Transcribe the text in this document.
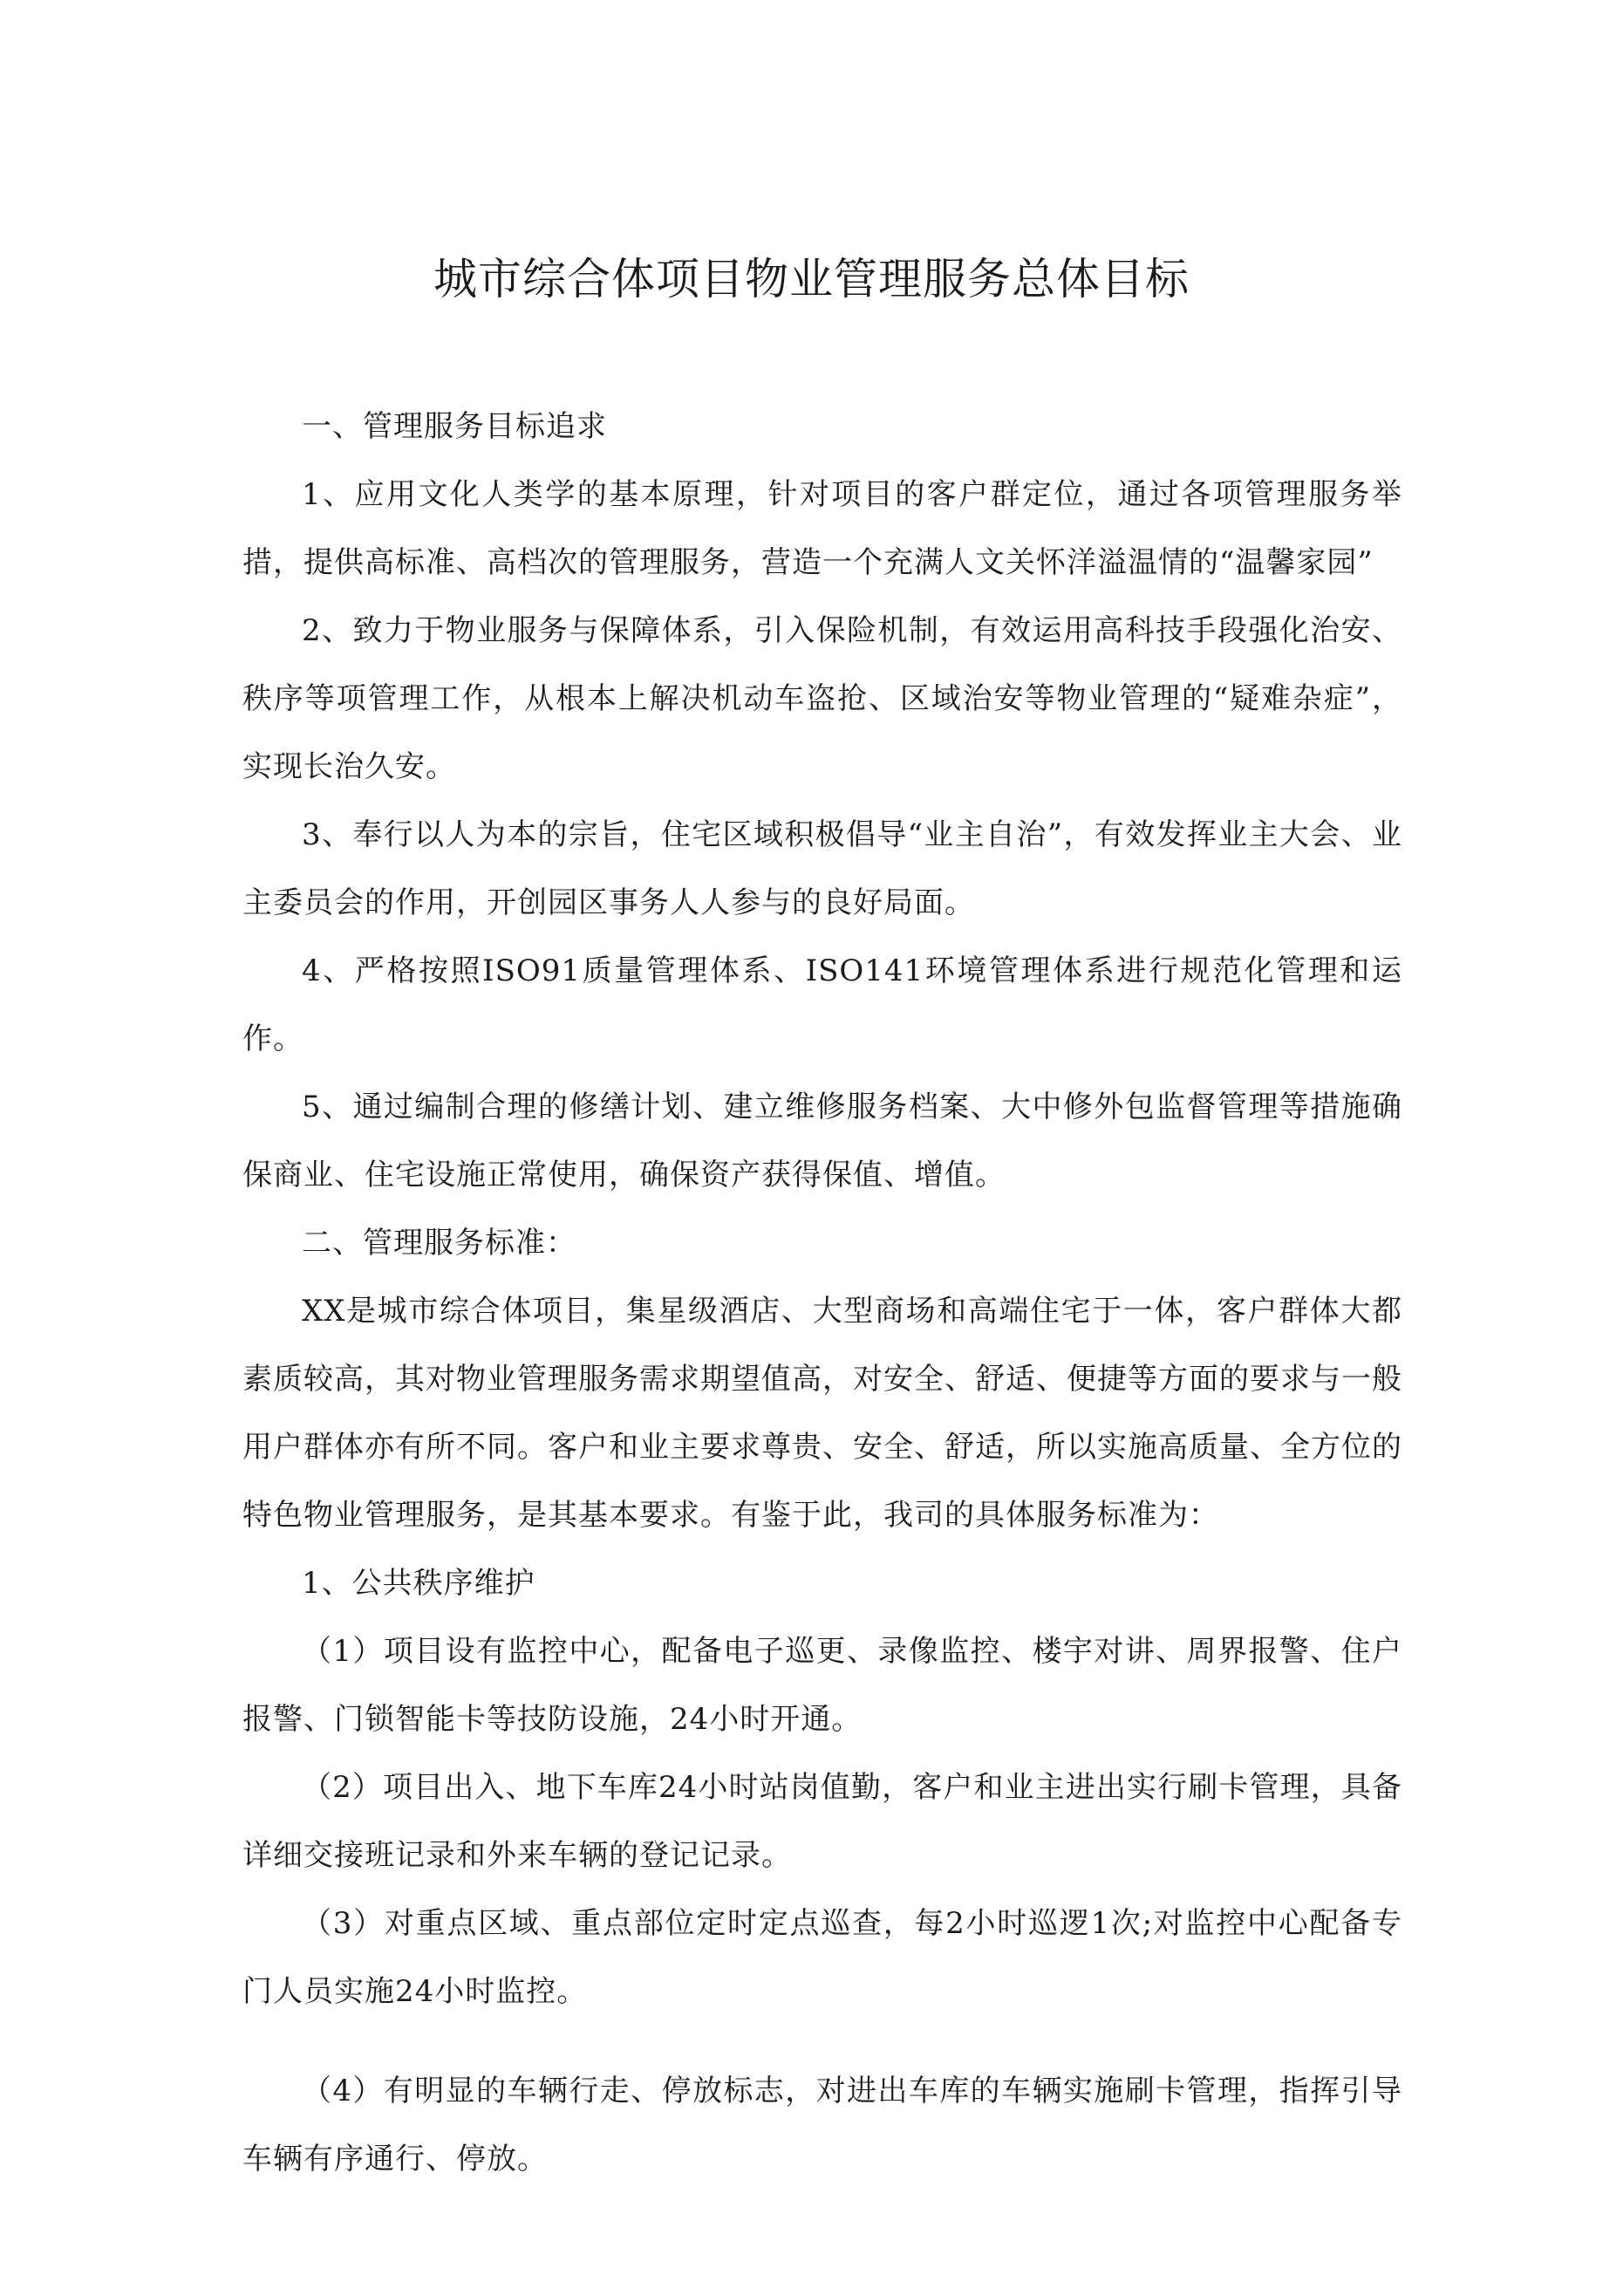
城市综合体项目物业管理服务总体目标

一、管理服务目标追求

1、应用文化人类学的基本原理，针对项目的客户群定位，通过各项管理服务举措，提供高标准、高档次的管理服务，营造一个充满人文关怀洋溢温情的“温馨家园”

2、致力于物业服务与保障体系，引入保险机制，有效运用高科技手段强化治安、秩序等项管理工作，从根本上解决机动车盗抢、区域治安等物业管理的“疑难杂症”，实现长治久安。

3、奉行以人为本的宗旨，住宅区域积极倡导“业主自治”，有效发挥业主大会、业主委员会的作用，开创园区事务人人参与的良好局面。

4、严格按照ISO91质量管理体系、ISO141环境管理体系进行规范化管理和运作。

5、通过编制合理的修缮计划、建立维修服务档案、大中修外包监督管理等措施确保商业、住宅设施正常使用，确保资产获得保值、增值。

二、管理服务标准：

XX是城市综合体项目，集星级酒店、大型商场和高端住宅于一体，客户群体大都素质较高，其对物业管理服务需求期望值高，对安全、舒适、便捷等方面的要求与一般用户群体亦有所不同。客户和业主要求尊贵、安全、舒适，所以实施高质量、全方位的特色物业管理服务，是其基本要求。有鉴于此，我司的具体服务标准为：

1、公共秩序维护

（1）项目设有监控中心，配备电子巡更、录像监控、楼宇对讲、周界报警、住户报警、门锁智能卡等技防设施，24小时开通。

（2）项目出入、地下车库24小时站岗值勤，客户和业主进出实行刷卡管理，具备详细交接班记录和外来车辆的登记记录。

（3）对重点区域、重点部位定时定点巡查，每2小时巡逻1次;对监控中心配备专门人员实施24小时监控。

（4）有明显的车辆行走、停放标志，对进出车库的车辆实施刷卡管理，指挥引导车辆有序通行、停放。
